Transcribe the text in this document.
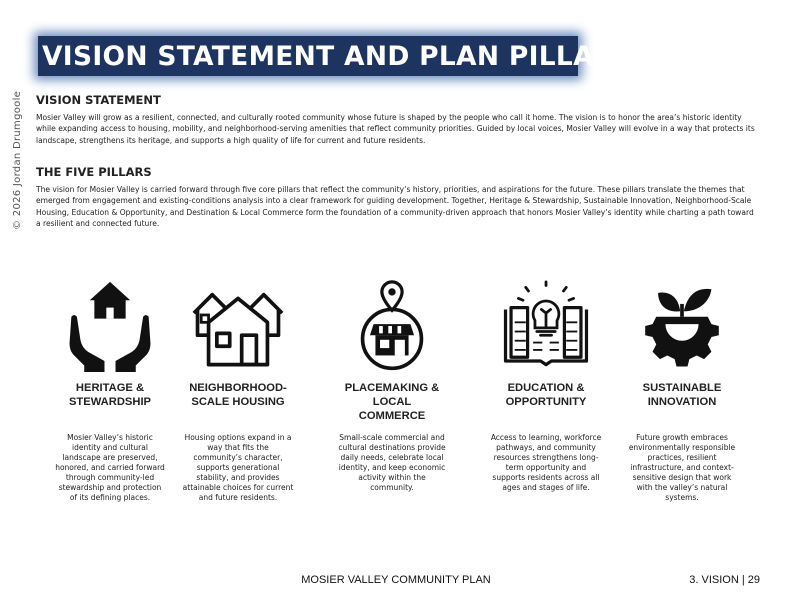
© 2026 Jordan Drumgoole
VISION STATEMENT AND PLAN PILLARS
VISION STATEMENT

Mosier Valley will grow as a resilient, connected, and culturally rooted community whose future is shaped by the people who call it home. The vision is to honor the area’s historic identity while expanding access to housing, mobility, and neighborhood-serving amenities that reflect community priorities. Guided by local voices, Mosier Valley will evolve in a way that protects its landscape, strengthens its heritage, and supports a high quality of life for current and future residents.

THE FIVE PILLARS

The vision for Mosier Valley is carried forward through five core pillars that reflect the community’s history, priorities, and aspirations for the future. These pillars translate the themes that emerged from engagement and existing-conditions analysis into a clear framework for guiding development. Together, Heritage & Stewardship, Sustainable Innovation, Neighborhood-Scale Housing, Education & Opportunity, and Destination & Local Commerce form the foundation of a community-driven approach that honors Mosier Valley’s identity while charting a path toward a resilient and connected future.

HERITAGE & STEWARDSHIP
Mosier Valley’s historic identity and cultural landscape are preserved, honored, and carried forward through community-led stewardship and protection of its defining places.
NEIGHBORHOOD-SCALE HOUSING
Housing options expand in a way that fits the community’s character, supports generational stability, and provides attainable choices for current and future residents.
PLACEMAKING & LOCAL COMMERCE
Small-scale commercial and cultural destinations provide daily needs, celebrate local identity, and keep economic activity within the community.
EDUCATION & OPPORTUNITY
Access to learning, workforce pathways, and community resources strengthens long-term opportunity and supports residents across all ages and stages of life.
SUSTAINABLE INNOVATION
Future growth embraces environmentally responsible practices, resilient infrastructure, and context-sensitive design that work with the valley’s natural systems.
MOSIER VALLEY COMMUNITY PLAN	3. VISION | 29
